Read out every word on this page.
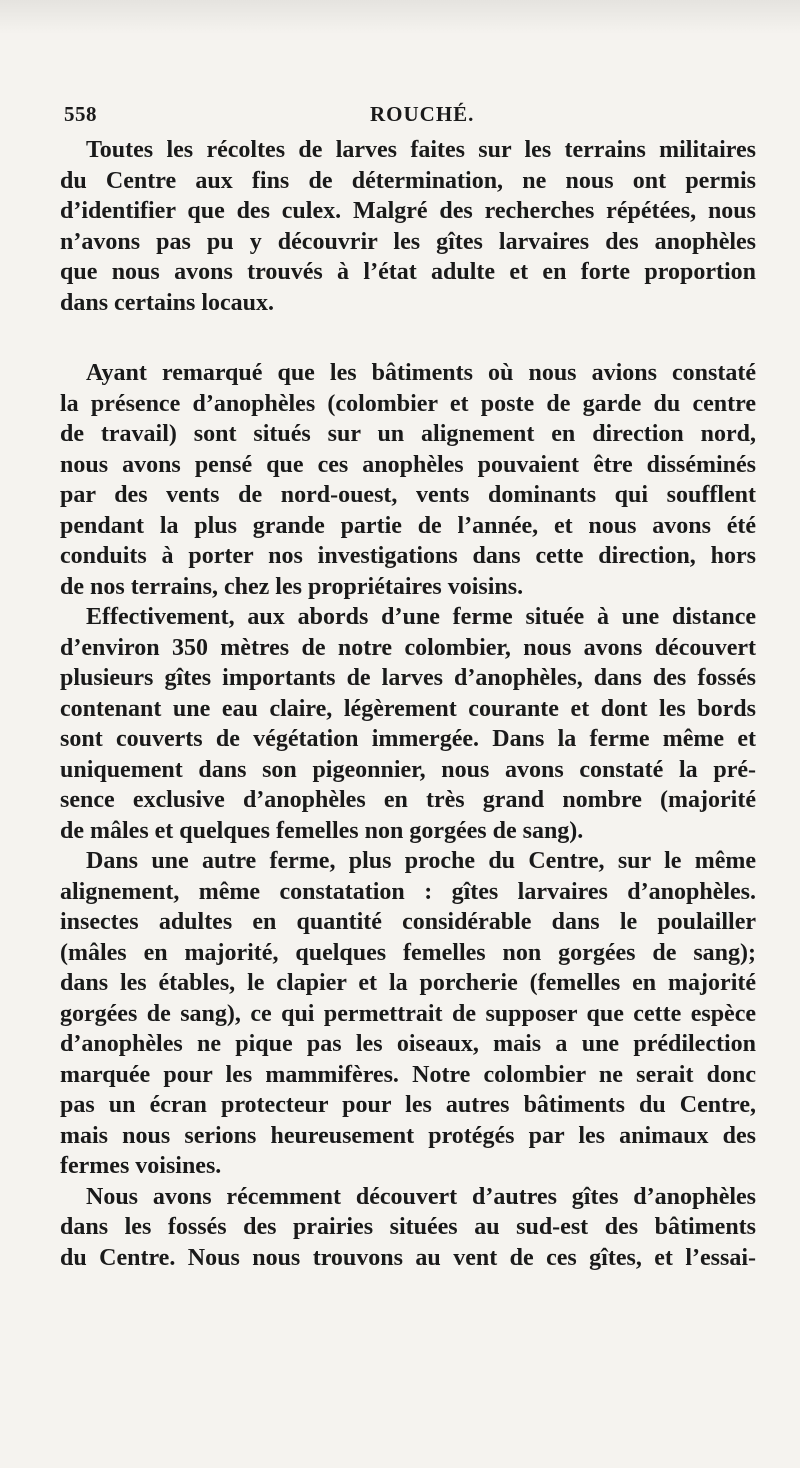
558	ROUCHÉ.
Toutes les récoltes de larves faites sur les terrains militaires
du Centre aux fins de détermination, ne nous ont permis
d’identifier que des culex. Malgré des recherches répétées, nous
n’avons pas pu y découvrir les gîtes larvaires des anophèles
que nous avons trouvés à l’état adulte et en forte proportion
dans certains locaux.
Ayant remarqué que les bâtiments où nous avions constaté
la présence d’anophèles (colombier et poste de garde du centre
de travail) sont situés sur un alignement en direction nord,
nous avons pensé que ces anophèles pouvaient être disséminés
par des vents de nord-ouest, vents dominants qui soufflent
pendant la plus grande partie de l’année, et nous avons été
conduits à porter nos investigations dans cette direction, hors
de nos terrains, chez les propriétaires voisins.
Effectivement, aux abords d’une ferme située à une distance
d’environ 350 mètres de notre colombier, nous avons découvert
plusieurs gîtes importants de larves d’anophèles, dans des fossés
contenant une eau claire, légèrement courante et dont les bords
sont couverts de végétation immergée. Dans la ferme même et
uniquement dans son pigeonnier, nous avons constaté la pré-
sence exclusive d’anophèles en très grand nombre (majorité
de mâles et quelques femelles non gorgées de sang).
Dans une autre ferme, plus proche du Centre, sur le même
alignement, même constatation : gîtes larvaires d’anophèles.
insectes adultes en quantité considérable dans le poulailler
(mâles en majorité, quelques femelles non gorgées de sang);
dans les étables, le clapier et la porcherie (femelles en majorité
gorgées de sang), ce qui permettrait de supposer que cette espèce
d’anophèles ne pique pas les oiseaux, mais a une prédilection
marquée pour les mammifères. Notre colombier ne serait donc
pas un écran protecteur pour les autres bâtiments du Centre,
mais nous serions heureusement protégés par les animaux des
fermes voisines.
Nous avons récemment découvert d’autres gîtes d’anophèles
dans les fossés des prairies situées au sud-est des bâtiments
du Centre. Nous nous trouvons au vent de ces gîtes, et l’essai-
